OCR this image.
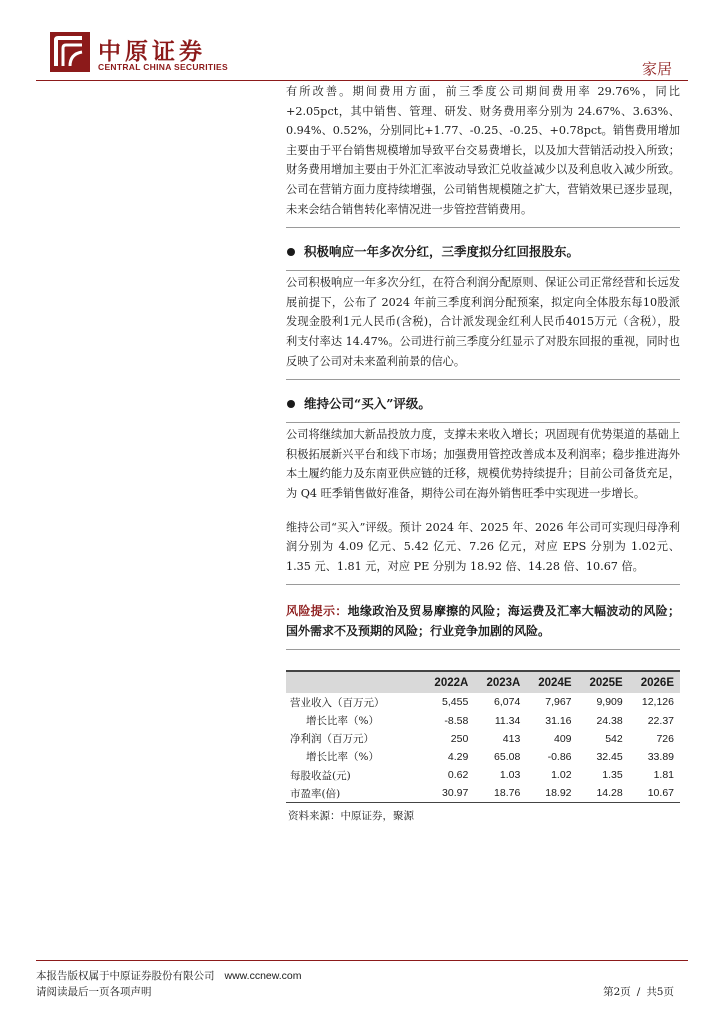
中原证券
CENTRAL CHINA SECURITIES	家居

有所改善。期间费用方面，前三季度公司期间费用率 29.76%，同比 +2.05pct，其中销售、管理、研发、财务费用率分别为 24.67%、3.63%、0.94%、0.52%，分别同比+1.77、-0.25、-0.25、+0.78pct。销售费用增加主要由于平台销售规模增加导致平台交易费增长，以及加大营销活动投入所致；财务费用增加主要由于外汇汇率波动导致汇兑收益减少以及利息收入减少所致。公司在营销方面力度持续增强，公司销售规模随之扩大，营销效果已逐步显现，未来会结合销售转化率情况进一步管控营销费用。

积极响应一年多次分红，三季度拟分红回报股东。

公司积极响应一年多次分红，在符合利润分配原则、保证公司正常经营和长远发展前提下，公布了 2024 年前三季度利润分配预案，拟定向全体股东每10股派发现金股利1元人民币(含税)，合计派发现金红利人民币4015万元（含税），股利支付率达 14.47%。公司进行前三季度分红显示了对股东回报的重视，同时也反映了公司对未来盈利前景的信心。

维持公司“买入”评级。

公司将继续加大新品投放力度，支撑未来收入增长；巩固现有优势渠道的基础上积极拓展新兴平台和线下市场；加强费用管控改善成本及利润率；稳步推进海外本土履约能力及东南亚供应链的迁移，规模优势持续提升；目前公司备货充足，为 Q4 旺季销售做好准备，期待公司在海外销售旺季中实现进一步增长。

维持公司“买入”评级。预计 2024 年、2025 年、2026 年公司可实现归母净利润分别为 4.09 亿元、5.42 亿元、7.26 亿元，对应 EPS 分别为 1.02元、1.35 元、1.81 元，对应 PE 分别为 18.92 倍、14.28 倍、10.67 倍。

风险提示：地缘政治及贸易摩擦的风险；海运费及汇率大幅波动的风险；国外需求不及预期的风险；行业竞争加剧的风险。

	2022A	2023A	2024E	2025E	2026E
营业收入（百万元）	5,455	6,074	7,967	9,909	12,126
增长比率（%）	-8.58	11.34	31.16	24.38	22.37
净利润（百万元）	250	413	409	542	726
增长比率（%）	4.29	65.08	-0.86	32.45	33.89
每股收益(元)	0.62	1.03	1.02	1.35	1.81
市盈率(倍)	30.97	18.76	18.92	14.28	10.67
资料来源：中原证券，聚源
本报告版权属于中原证券股份有限公司 www.ccnew.com
请阅读最后一页各项声明	第2页 / 共5页
